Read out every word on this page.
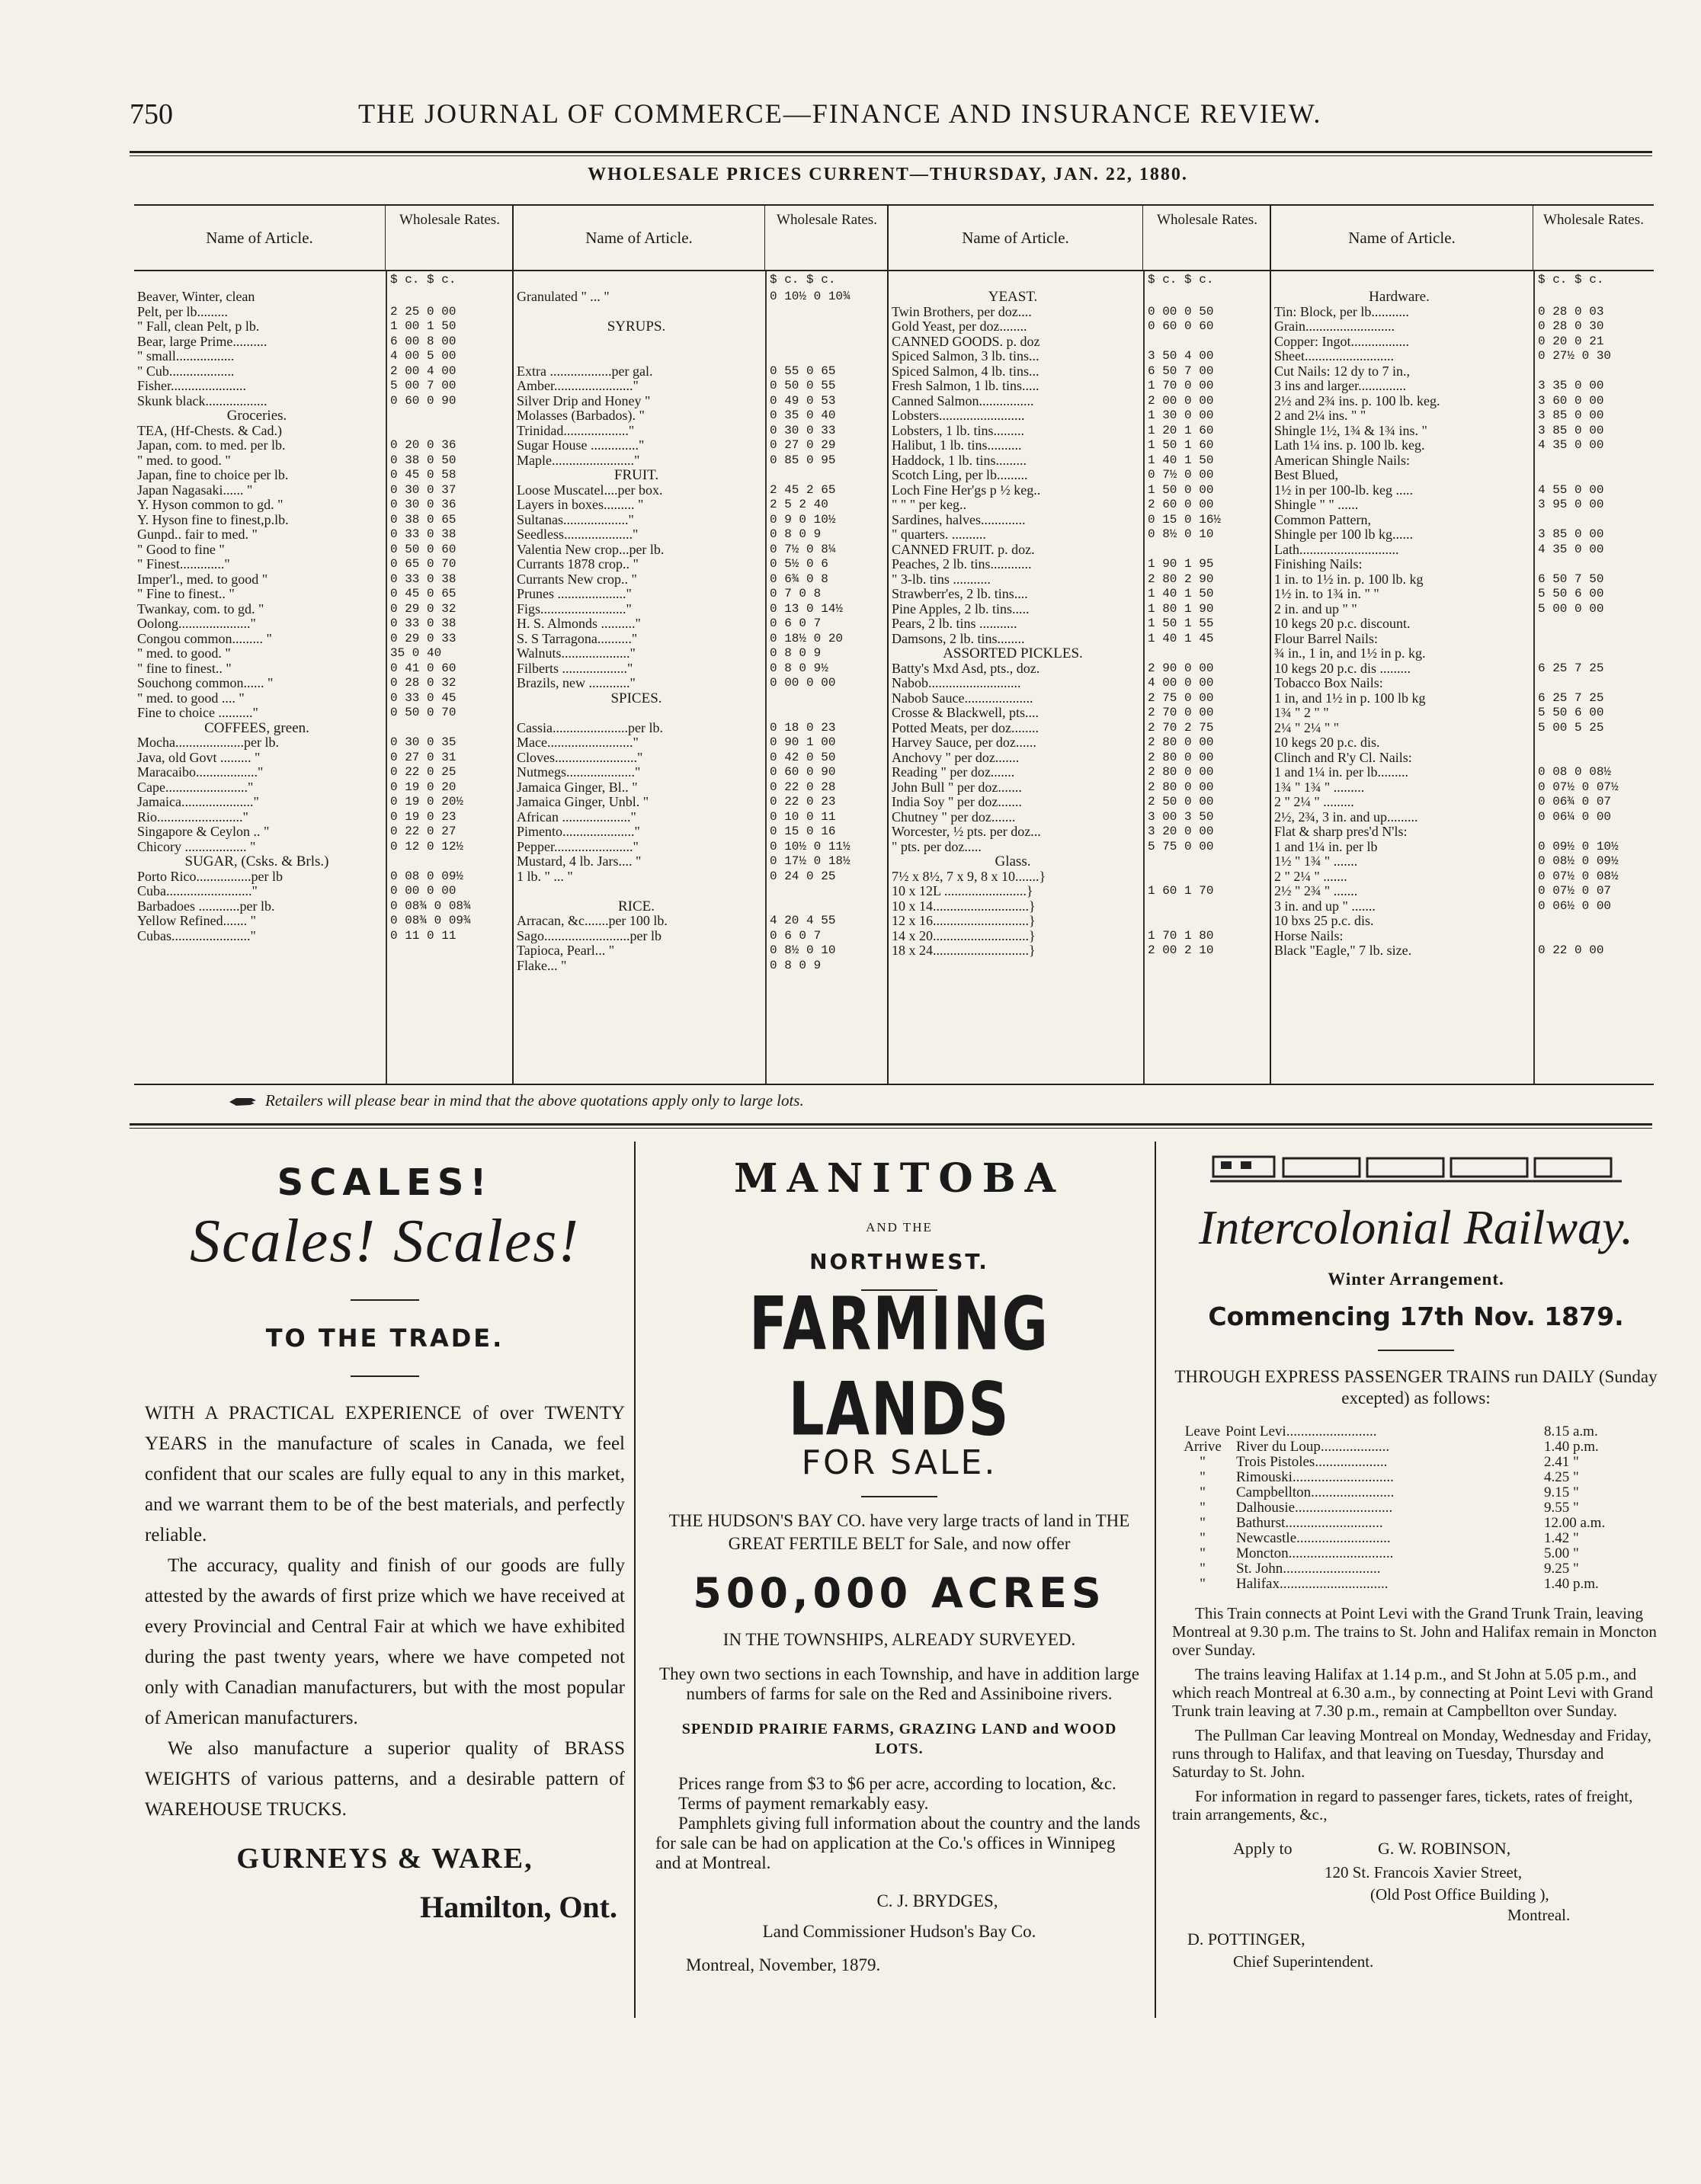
750	THE JOURNAL OF COMMERCE—FINANCE AND INSURANCE REVIEW.
WHOLESALE PRICES CURRENT—THURSDAY, JAN. 22, 1880.
Name of Article.
Wholesale Rates.
$ c. $ c.
Beaver, Winter, clean
Pelt, per lb.........	2 25 0 00
" Fall, clean Pelt, p lb.	1 00 1 50
Bear, large Prime..........	6 00 8 00
" small.................	4 00 5 00
" Cub...................	2 00 4 00
Fisher......................	5 00 7 00
Skunk black..................	0 60 0 90
Groceries.
TEA, (Hf-Chests. & Cad.)
Japan, com. to med. per lb.	0 20 0 36
" med. to good. "	0 38 0 50
Japan, fine to choice per lb.	0 45 0 58
Japan Nagasaki...... "	0 30 0 37
Y. Hyson common to gd. "	0 30 0 36
Y. Hyson fine to finest,p.lb.	0 38 0 65
Gunpd.. fair to med. "	0 33 0 38
" Good to fine "	0 50 0 60
" Finest............."	0 65 0 70
Imper'l., med. to good "	0 33 0 38
" Fine to finest.. "	0 45 0 65
Twankay, com. to gd. "	0 29 0 32
Oolong....................."	0 33 0 38
Congou common......... "	0 29 0 33
" med. to good. "	35 0 40
" fine to finest.. "	0 41 0 60
Souchong common...... "	0 28 0 32
" med. to good .... "	0 33 0 45
Fine to choice .........."	0 50 0 70
COFFEES, green.
Mocha....................per lb.	0 30 0 35
Java, old Govt ......... "	0 27 0 31
Maracaibo.................."	0 22 0 25
Cape........................"	0 19 0 20
Jamaica....................."	0 19 0 20½
Rio........................."	0 19 0 23
Singapore & Ceylon .. "	0 22 0 27
Chicory .................. "	0 12 0 12½
SUGAR, (Csks. & Brls.)
Porto Rico................per lb	0 08 0 09½
Cuba........................."	0 00 0 00
Barbadoes ............per lb.	0 08¾ 0 08¾
Yellow Refined....... "	0 08¾ 0 09¾
Cubas......................."	0 11 0 11
Name of Article.
Wholesale Rates.
$ c. $ c.
Granulated " ... "	0 10½ 0 10¾
SYRUPS.
Extra ..................per gal.	0 55 0 65
Amber......................."	0 50 0 55
Silver Drip and Honey "	0 49 0 53
Molasses (Barbados). "	0 35 0 40
Trinidad..................."	0 30 0 33
Sugar House .............."	0 27 0 29
Maple........................"	0 85 0 95
FRUIT.
Loose Muscatel....per box.	2 45 2 65
Layers in boxes......... "	2 5 2 40
Sultanas..................."	0 9 0 10½
Seedless...................."	0 8 0 9
Valentia New crop...per lb.	0 7½ 0 8¼
Currants 1878 crop.. "	0 5½ 0 6
Currants New crop.. "	0 6¾ 0 8
Prunes ...................."	0 7 0 8
Figs........................."	0 13 0 14½
H. S. Almonds .........."	0 6 0 7
S. S Tarragona.........."	0 18½ 0 20
Walnuts...................."	0 8 0 9
Filberts ..................."	0 8 0 9½
Brazils, new ............"	0 00 0 00
SPICES.
Cassia......................per lb.	0 18 0 23
Mace........................."	0 90 1 00
Cloves........................"	0 42 0 50
Nutmegs...................."	0 60 0 90
Jamaica Ginger, Bl.. "	0 22 0 28
Jamaica Ginger, Unbl. "	0 22 0 23
African ...................."	0 10 0 11
Pimento....................."	0 15 0 16
Pepper......................."	0 10½ 0 11½
Mustard, 4 lb. Jars.... "	0 17½ 0 18½
1 lb. " ... "	0 24 0 25
RICE.
Arracan, &c.......per 100 lb.	4 20 4 55
Sago.........................per lb	0 6 0 7
Tapioca, Pearl... "	0 8½ 0 10
Flake... "	0 8 0 9
Name of Article.
Wholesale Rates.
$ c. $ c.
YEAST.
Twin Brothers, per doz....	0 00 0 50
Gold Yeast, per doz........	0 60 0 60
CANNED GOODS. p. doz
Spiced Salmon, 3 lb. tins...	3 50 4 00
Spiced Salmon, 4 lb. tins...	6 50 7 00
Fresh Salmon, 1 lb. tins.....	1 70 0 00
Canned Salmon................	2 00 0 00
Lobsters.........................	1 30 0 00
Lobsters, 1 lb. tins.........	1 20 1 60
Halibut, 1 lb. tins..........	1 50 1 60
Haddock, 1 lb. tins.........	1 40 1 50
Scotch Ling, per lb.........	0 7½ 0 00
Loch Fine Her'gs p ½ keg..	1 50 0 00
" " " per keg..	2 60 0 00
Sardines, halves.............	0 15 0 16½
" quarters. ..........	0 8½ 0 10
CANNED FRUIT. p. doz.
Peaches, 2 lb. tins............	1 90 1 95
" 3-lb. tins ...........	2 80 2 90
Strawberr'es, 2 lb. tins....	1 40 1 50
Pine Apples, 2 lb. tins.....	1 80 1 90
Pears, 2 lb. tins ...........	1 50 1 55
Damsons, 2 lb. tins........	1 40 1 45
ASSORTED PICKLES.
Batty's Mxd Asd, pts., doz.	2 90 0 00
Nabob...........................	4 00 0 00
Nabob Sauce....................	2 75 0 00
Crosse & Blackwell, pts....	2 70 0 00
Potted Meats, per doz........	2 70 2 75
Harvey Sauce, per doz......	2 80 0 00
Anchovy " per doz.......	2 80 0 00
Reading " per doz.......	2 80 0 00
John Bull " per doz.......	2 80 0 00
India Soy " per doz.......	2 50 0 00
Chutney " per doz.......	3 00 3 50
Worcester, ½ pts. per doz...	3 20 0 00
" pts. per doz.....	5 75 0 00
Glass.
7½ x 8½, 7 x 9, 8 x 10.......}
10 x 12L ........................}	1 60 1 70
10 x 14............................}
12 x 16............................}
14 x 20............................}	1 70 1 80
18 x 24............................}	2 00 2 10
Name of Article.
Wholesale Rates.
$ c. $ c.
Hardware.
Tin: Block, per lb...........	0 28 0 03
Grain..........................	0 28 0 30
Copper: Ingot.................	0 20 0 21
Sheet..........................	0 27½ 0 30
Cut Nails: 12 dy to 7 in.,
3 ins and larger..............	3 35 0 00
2½ and 2¾ ins. p. 100 lb. keg.	3 60 0 00
2 and 2¼ ins. " "	3 85 0 00
Shingle 1½, 1¾ & 1¾ ins. "	3 85 0 00
Lath 1¼ ins. p. 100 lb. keg.	4 35 0 00
American Shingle Nails:
Best Blued,
1½ in per 100-lb. keg .....	4 55 0 00
Shingle " " ......	3 95 0 00
Common Pattern,
Shingle per 100 lb kg......	3 85 0 00
Lath.............................	4 35 0 00
Finishing Nails:
1 in. to 1½ in. p. 100 lb. kg	6 50 7 50
1½ in. to 1¾ in. " "	5 50 6 00
2 in. and up " "	5 00 0 00
10 kegs 20 p.c. discount.
Flour Barrel Nails:
¾ in., 1 in, and 1½ in p. kg.
10 kegs 20 p.c. dis .........	6 25 7 25
Tobacco Box Nails:
1 in, and 1½ in p. 100 lb kg	6 25 7 25
1¾ " 2 " "	5 50 6 00
2¼ " 2¼ " "	5 00 5 25
10 kegs 20 p.c. dis.
Clinch and R'y Cl. Nails:
1 and 1¼ in. per lb.........	0 08 0 08½
1¾ " 1¾ " .........	0 07½ 0 07½
2 " 2¼ " .........	0 06¾ 0 07
2½, 2¾, 3 in. and up.........	0 06¼ 0 00
Flat & sharp pres'd N'ls:
1 and 1¼ in. per lb	0 09½ 0 10½
1½ " 1¾ " .......	0 08½ 0 09½
2 " 2¼ " .......	0 07½ 0 08½
2½ " 2¾ " .......	0 07½ 0 07
3 in. and up " .......	0 06½ 0 00
10 bxs 25 p.c. dis.
Horse Nails:
Black "Eagle," 7 lb. size.	0 22 0 00
Retailers will please bear in mind that the above quotations apply only to large lots.
SCALES!
Scales! Scales!
TO THE TRADE.

WITH A PRACTICAL EXPERIENCE of over TWENTY YEARS in the manufacture of scales in Canada, we feel confident that our scales are fully equal to any in this market, and we warrant them to be of the best materials, and perfectly reliable.

The accuracy, quality and finish of our goods are fully attested by the awards of first prize which we have received at every Provincial and Central Fair at which we have exhibited during the past twenty years, where we have competed not only with Canadian manufacturers, but with the most popular of American manufacturers.

We also manufacture a superior quality of BRASS WEIGHTS of various patterns, and a desirable pattern of WAREHOUSE TRUCKS.

GURNEYS & WARE,
Hamilton, Ont.
MANITOBA
AND THE
NORTHWEST.
FARMING LANDS
FOR SALE.

THE HUDSON'S BAY CO. have very large tracts of land in THE GREAT FERTILE BELT for Sale, and now offer

500,000 ACRES

IN THE TOWNSHIPS, ALREADY SURVEYED.

They own two sections in each Township, and have in addition large numbers of farms for sale on the Red and Assiniboine rivers.

SPENDID PRAIRIE FARMS, GRAZING LAND and WOOD LOTS.

Prices range from $3 to $6 per acre, according to location, &c.

Terms of payment remarkably easy.

Pamphlets giving full information about the country and the lands for sale can be had on application at the Co.'s offices in Winnipeg and at Montreal.

C. J. BRYDGES,
Land Commissioner Hudson's Bay Co.
Montreal, November, 1879.
Intercolonial Railway.
Winter Arrangement.
Commencing 17th Nov. 1879.

THROUGH EXPRESS PASSENGER TRAINS run DAILY (Sunday excepted) as follows:

Leave Point Levi.........................	8.15 a.m.
Arrive River du Loup...................	1.40 p.m.
"	Trois Pistoles....................	2.41 "
"	Rimouski............................	4.25 "
"	Campbellton.......................	9.15 "
"	Dalhousie...........................	9.55 "
"	Bathurst...........................	12.00 a.m.
"	Newcastle..........................	1.42 "
"	Moncton.............................	5.00 "
"	St. John...........................	9.25 "
"	Halifax..............................	1.40 p.m.

This Train connects at Point Levi with the Grand Trunk Train, leaving Montreal at 9.30 p.m. The trains to St. John and Halifax remain in Moncton over Sunday.

The trains leaving Halifax at 1.14 p.m., and St John at 5.05 p.m., and which reach Montreal at 6.30 a.m., by connecting at Point Levi with Grand Trunk train leaving at 7.30 p.m., remain at Campbellton over Sunday.

The Pullman Car leaving Montreal on Monday, Wednesday and Friday, runs through to Halifax, and that leaving on Tuesday, Thursday and Saturday to St. John.

For information in regard to passenger fares, tickets, rates of freight, train arrangements, &c.,

Apply to	G. W. ROBINSON,
120 St. Francois Xavier Street,
(Old Post Office Building ),
Montreal.
D. POTTINGER,
Chief Superintendent.
